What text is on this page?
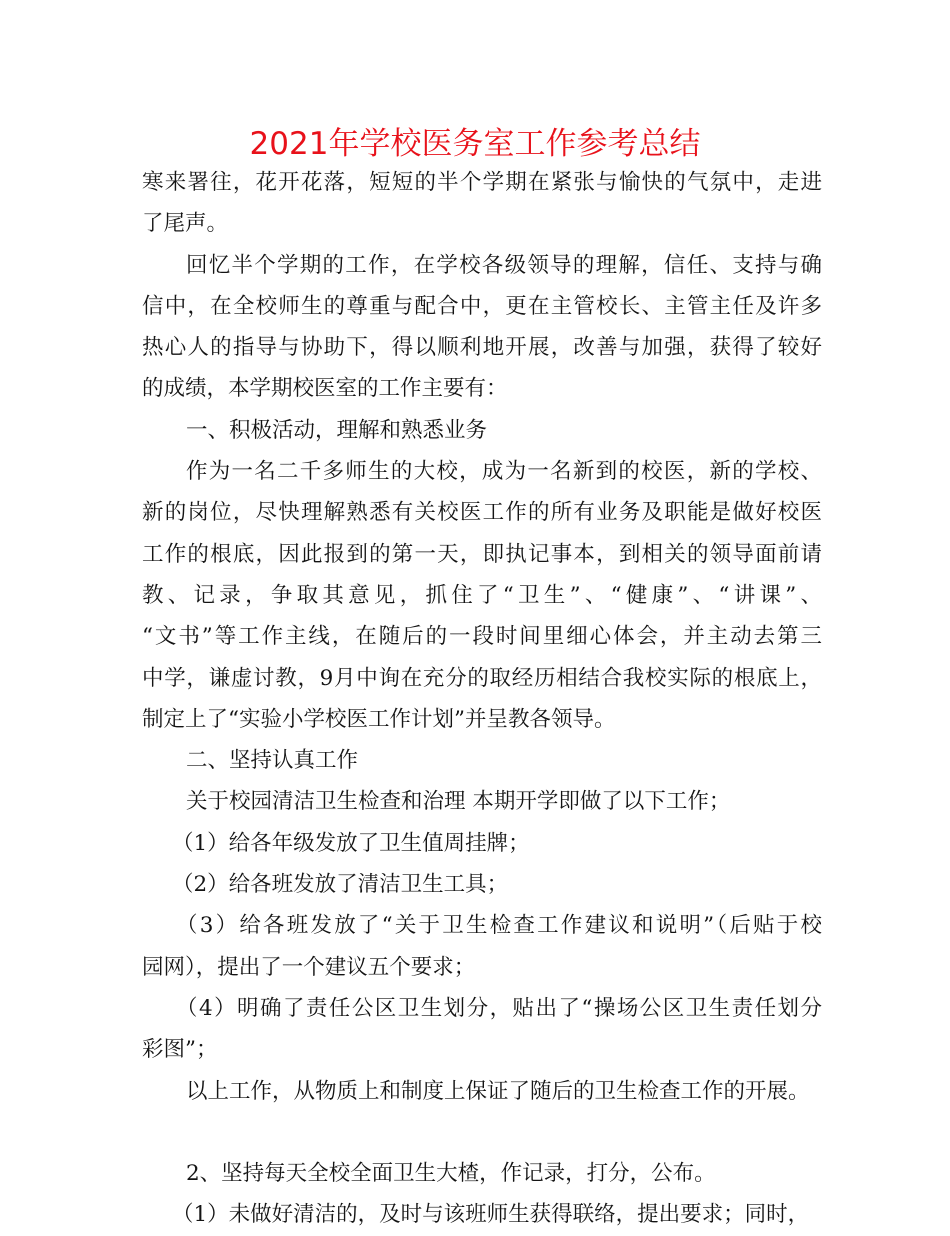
2021年学校医务室工作参考总结
寒来署往，花开花落，短短的半个学期在紧张与愉快的气氛中，走进
了尾声。
回忆半个学期的工作，在学校各级领导的理解，信任、支持与确
信中，在全校师生的尊重与配合中，更在主管校长、主管主任及许多
热心人的指导与协助下，得以顺利地开展，改善与加强，获得了较好
的成绩，本学期校医室的工作主要有：
一、积极活动，理解和熟悉业务
作为一名二千多师生的大校，成为一名新到的校医，新的学校、
新的岗位，尽快理解熟悉有关校医工作的所有业务及职能是做好校医
工作的根底，因此报到的第一天，即执记事本，到相关的领导面前请
教、记录，争取其意见，抓住了“卫生”、“健康”、“讲课”、
“文书”等工作主线，在随后的一段时间里细心体会，并主动去第三
中学，谦虚讨教，9月中询在充分的取经历相结合我校实际的根底上，
制定上了“实验小学校医工作计划”并呈教各领导。
二、坚持认真工作
关于校园清洁卫生检查和治理 本期开学即做了以下工作；
（1）给各年级发放了卫生值周挂牌；
（2）给各班发放了清洁卫生工具；
（3）给各班发放了“关于卫生检查工作建议和说明”（后贴于校
园网），提出了一个建议五个要求；
（4）明确了责任公区卫生划分，贴出了“操场公区卫生责任划分
彩图”；
以上工作，从物质上和制度上保证了随后的卫生检查工作的开展。
2、坚持每天全校全面卫生大楂，作记录，打分，公布。
（1）未做好清洁的，及时与该班师生获得联络，提出要求；同时，
